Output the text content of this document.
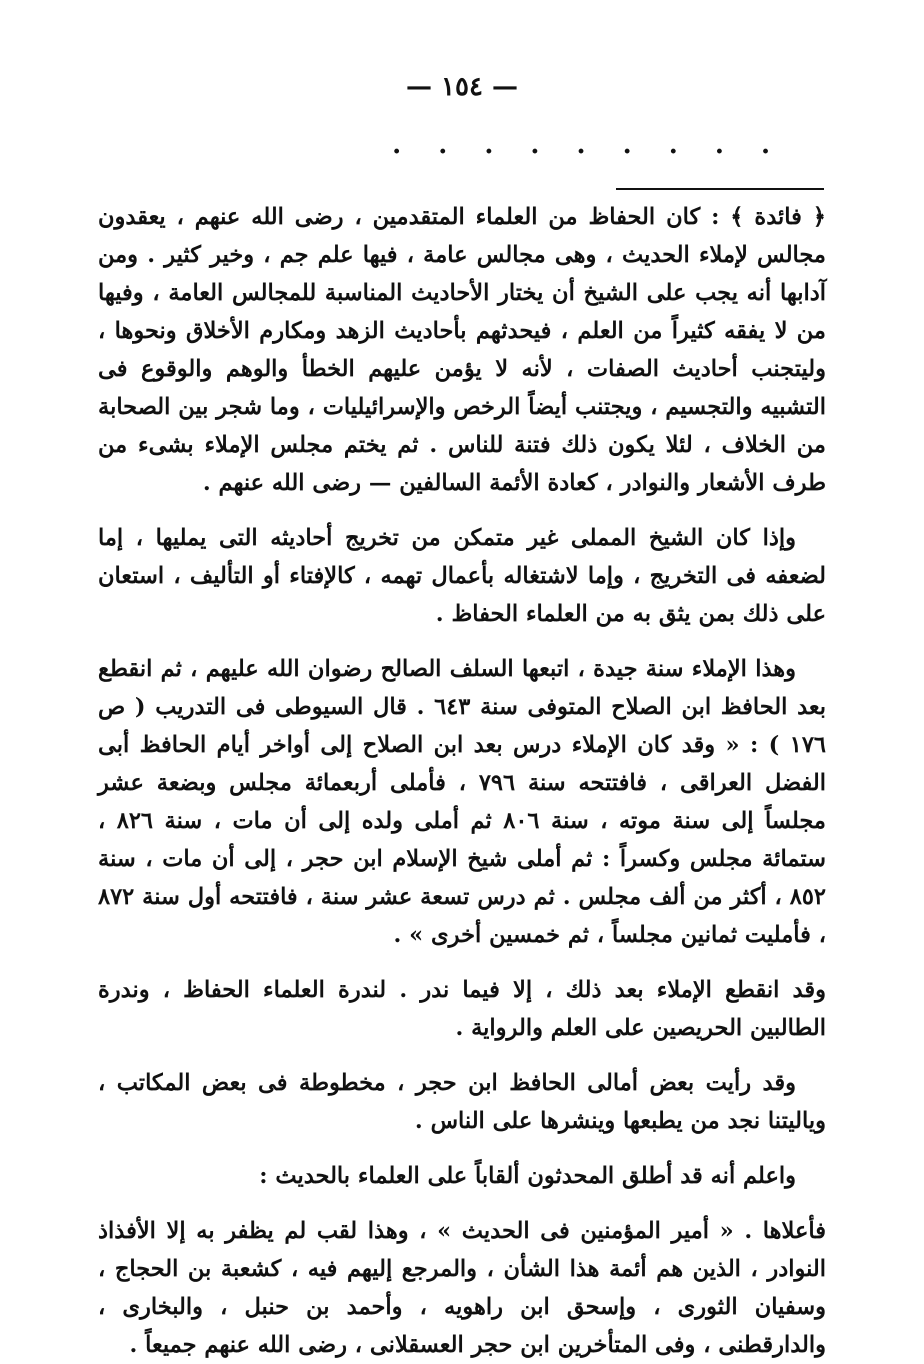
— ١٥٤ —
. . . . . . . . .

﴿ فائدة ﴾ : كان الحفاظ من العلماء المتقدمين ، رضى الله عنهم ، يعقدون مجالس لإملاء الحديث ، وهى مجالس عامة ، فيها علم جم ، وخير كثير . ومن آدابها أنه يجب على الشيخ أن يختار الأحاديث المناسبة للمجالس العامة ، وفيها من لا يفقه كثيراً من العلم ، فيحدثهم بأحاديث الزهد ومكارم الأخلاق ونحوها ، وليتجنب أحاديث الصفات ، لأنه لا يؤمن عليهم الخطأ والوهم والوقوع فى التشبيه والتجسيم ، ويجتنب أيضاً الرخص والإسرائيليات ، وما شجر بين الصحابة من الخلاف ، لئلا يكون ذلك فتنة للناس . ثم يختم مجلس الإملاء بشىء من طرف الأشعار والنوادر ، كعادة الأئمة السالفين — رضى الله عنهم .

وإذا كان الشيخ المملى غير متمكن من تخريج أحاديثه التى يمليها ، إما لضعفه فى التخريج ، وإما لاشتغاله بأعمال تهمه ، كالإفتاء أو التأليف ، استعان على ذلك بمن يثق به من العلماء الحفاظ .

وهذا الإملاء سنة جيدة ، اتبعها السلف الصالح رضوان الله عليهم ، ثم انقطع بعد الحافظ ابن الصلاح المتوفى سنة ٦٤٣ . قال السيوطى فى التدريب ( ص ١٧٦ ) : « وقد كان الإملاء درس بعد ابن الصلاح إلى أواخر أيام الحافظ أبى الفضل العراقى ، فافتتحه سنة ٧٩٦ ، فأملى أربعمائة مجلس وبضعة عشر مجلساً إلى سنة موته ، سنة ٨٠٦ ثم أملى ولده إلى أن مات ، سنة ٨٢٦ ، ستمائة مجلس وكسراً : ثم أملى شيخ الإسلام ابن حجر ، إلى أن مات ، سنة ٨٥٢ ، أكثر من ألف مجلس . ثم درس تسعة عشر سنة ، فافتتحه أول سنة ٨٧٢ ، فأمليت ثمانين مجلساً ، ثم خمسين أخرى » .

وقد انقطع الإملاء بعد ذلك ، إلا فيما ندر . لندرة العلماء الحفاظ ، وندرة الطالبين الحريصين على العلم والرواية .

وقد رأيت بعض أمالى الحافظ ابن حجر ، مخطوطة فى بعض المكاتب ، وياليتنا نجد من يطبعها وينشرها على الناس .

واعلم أنه قد أطلق المحدثون ألقاباً على العلماء بالحديث :

فأعلاها . « أمير المؤمنين فى الحديث » ، وهذا لقب لم يظفر به إلا الأفذاذ النوادر ، الذين هم أئمة هذا الشأن ، والمرجع إليهم فيه ، كشعبة بن الحجاج ، وسفيان الثورى ، وإسحق ابن راهويه ، وأحمد بن حنبل ، والبخارى ، والدارقطنى ، وفى المتأخرين ابن حجر العسقلانى ، رضى الله عنهم جميعاً .
